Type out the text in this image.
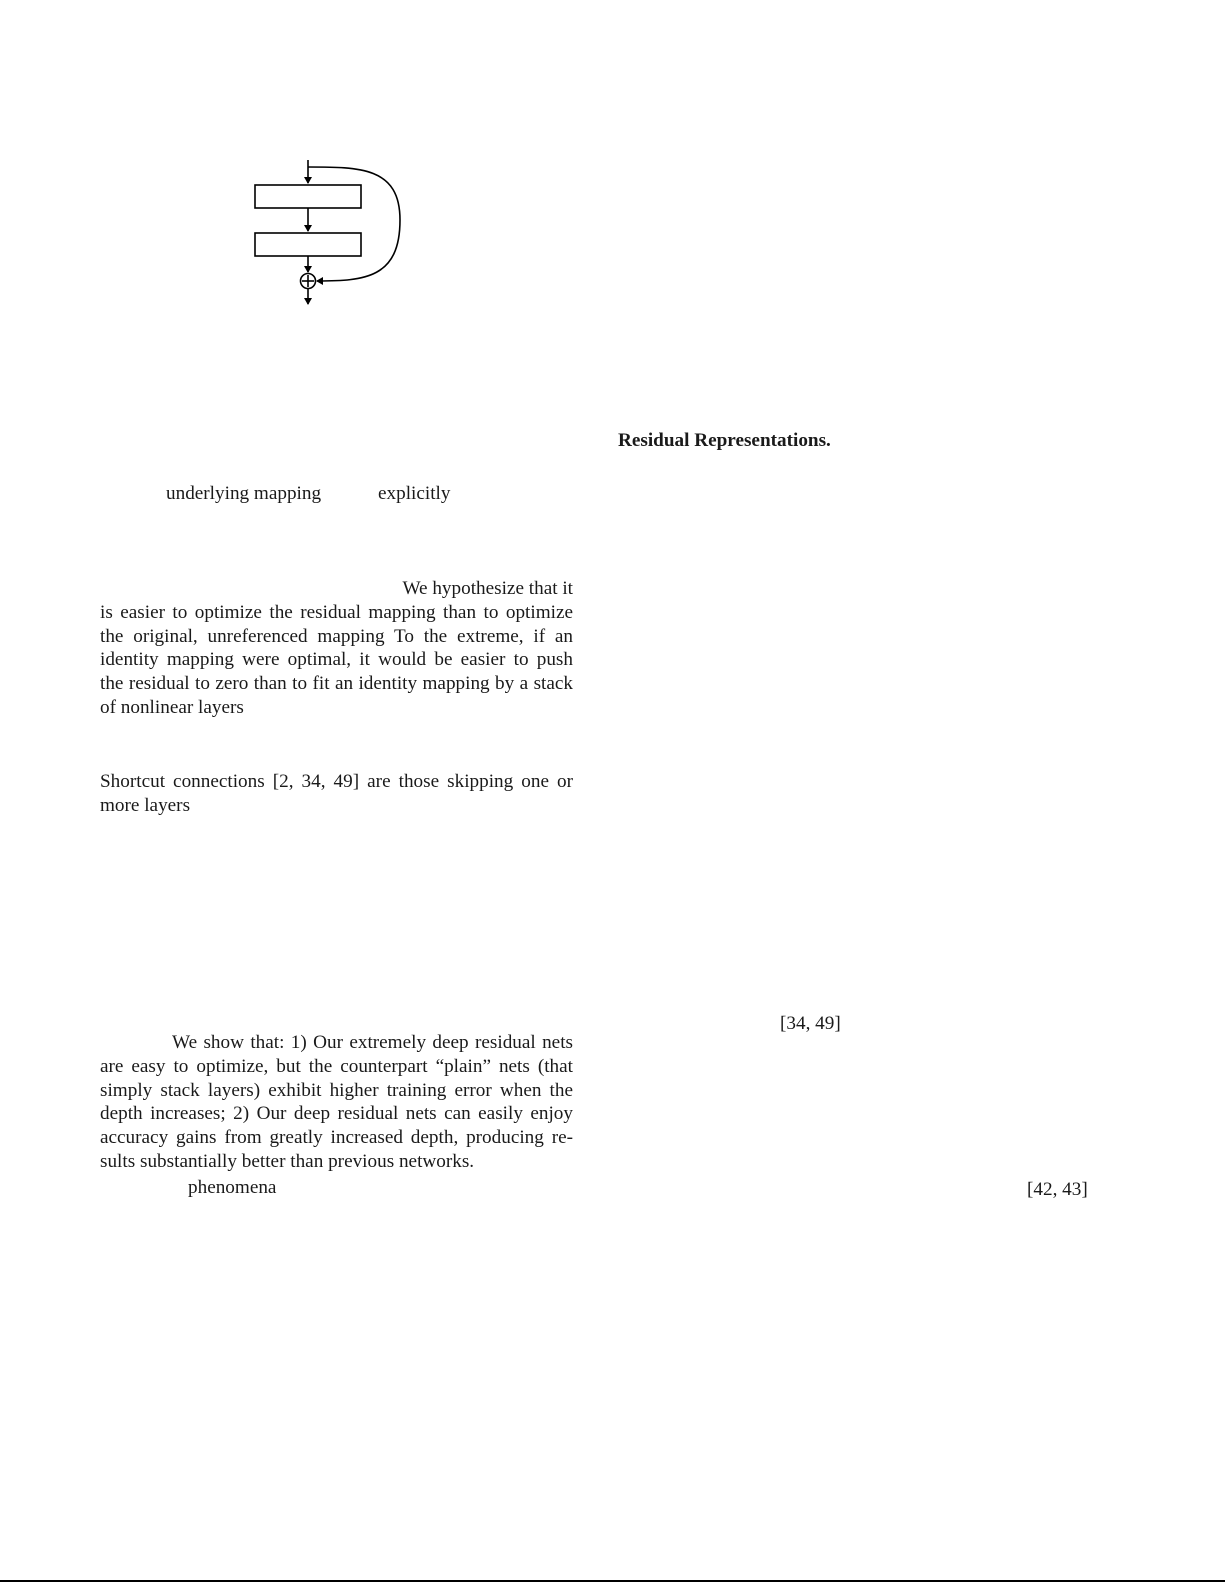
Residual Representations.
underlying mapping	explicitly
We hypothesize that it
is easier to optimize the residual mapping than to optimize
the original, unreferenced mapping To the extreme, if an
identity mapping were optimal, it would be easier to push
the residual to zero than to fit an identity mapping by a stack
of nonlinear layers
Shortcut connections [2, 34, 49] are those skipping one or
more layers
[34, 49]
We show that: 1) Our extremely deep residual nets
are easy to optimize, but the counterpart “plain” nets (that
simply stack layers) exhibit higher training error when the
depth increases; 2) Our deep residual nets can easily enjoy
accuracy gains from greatly increased depth, producing re-
sults substantially better than previous networks.
phenomena	[42, 43]
